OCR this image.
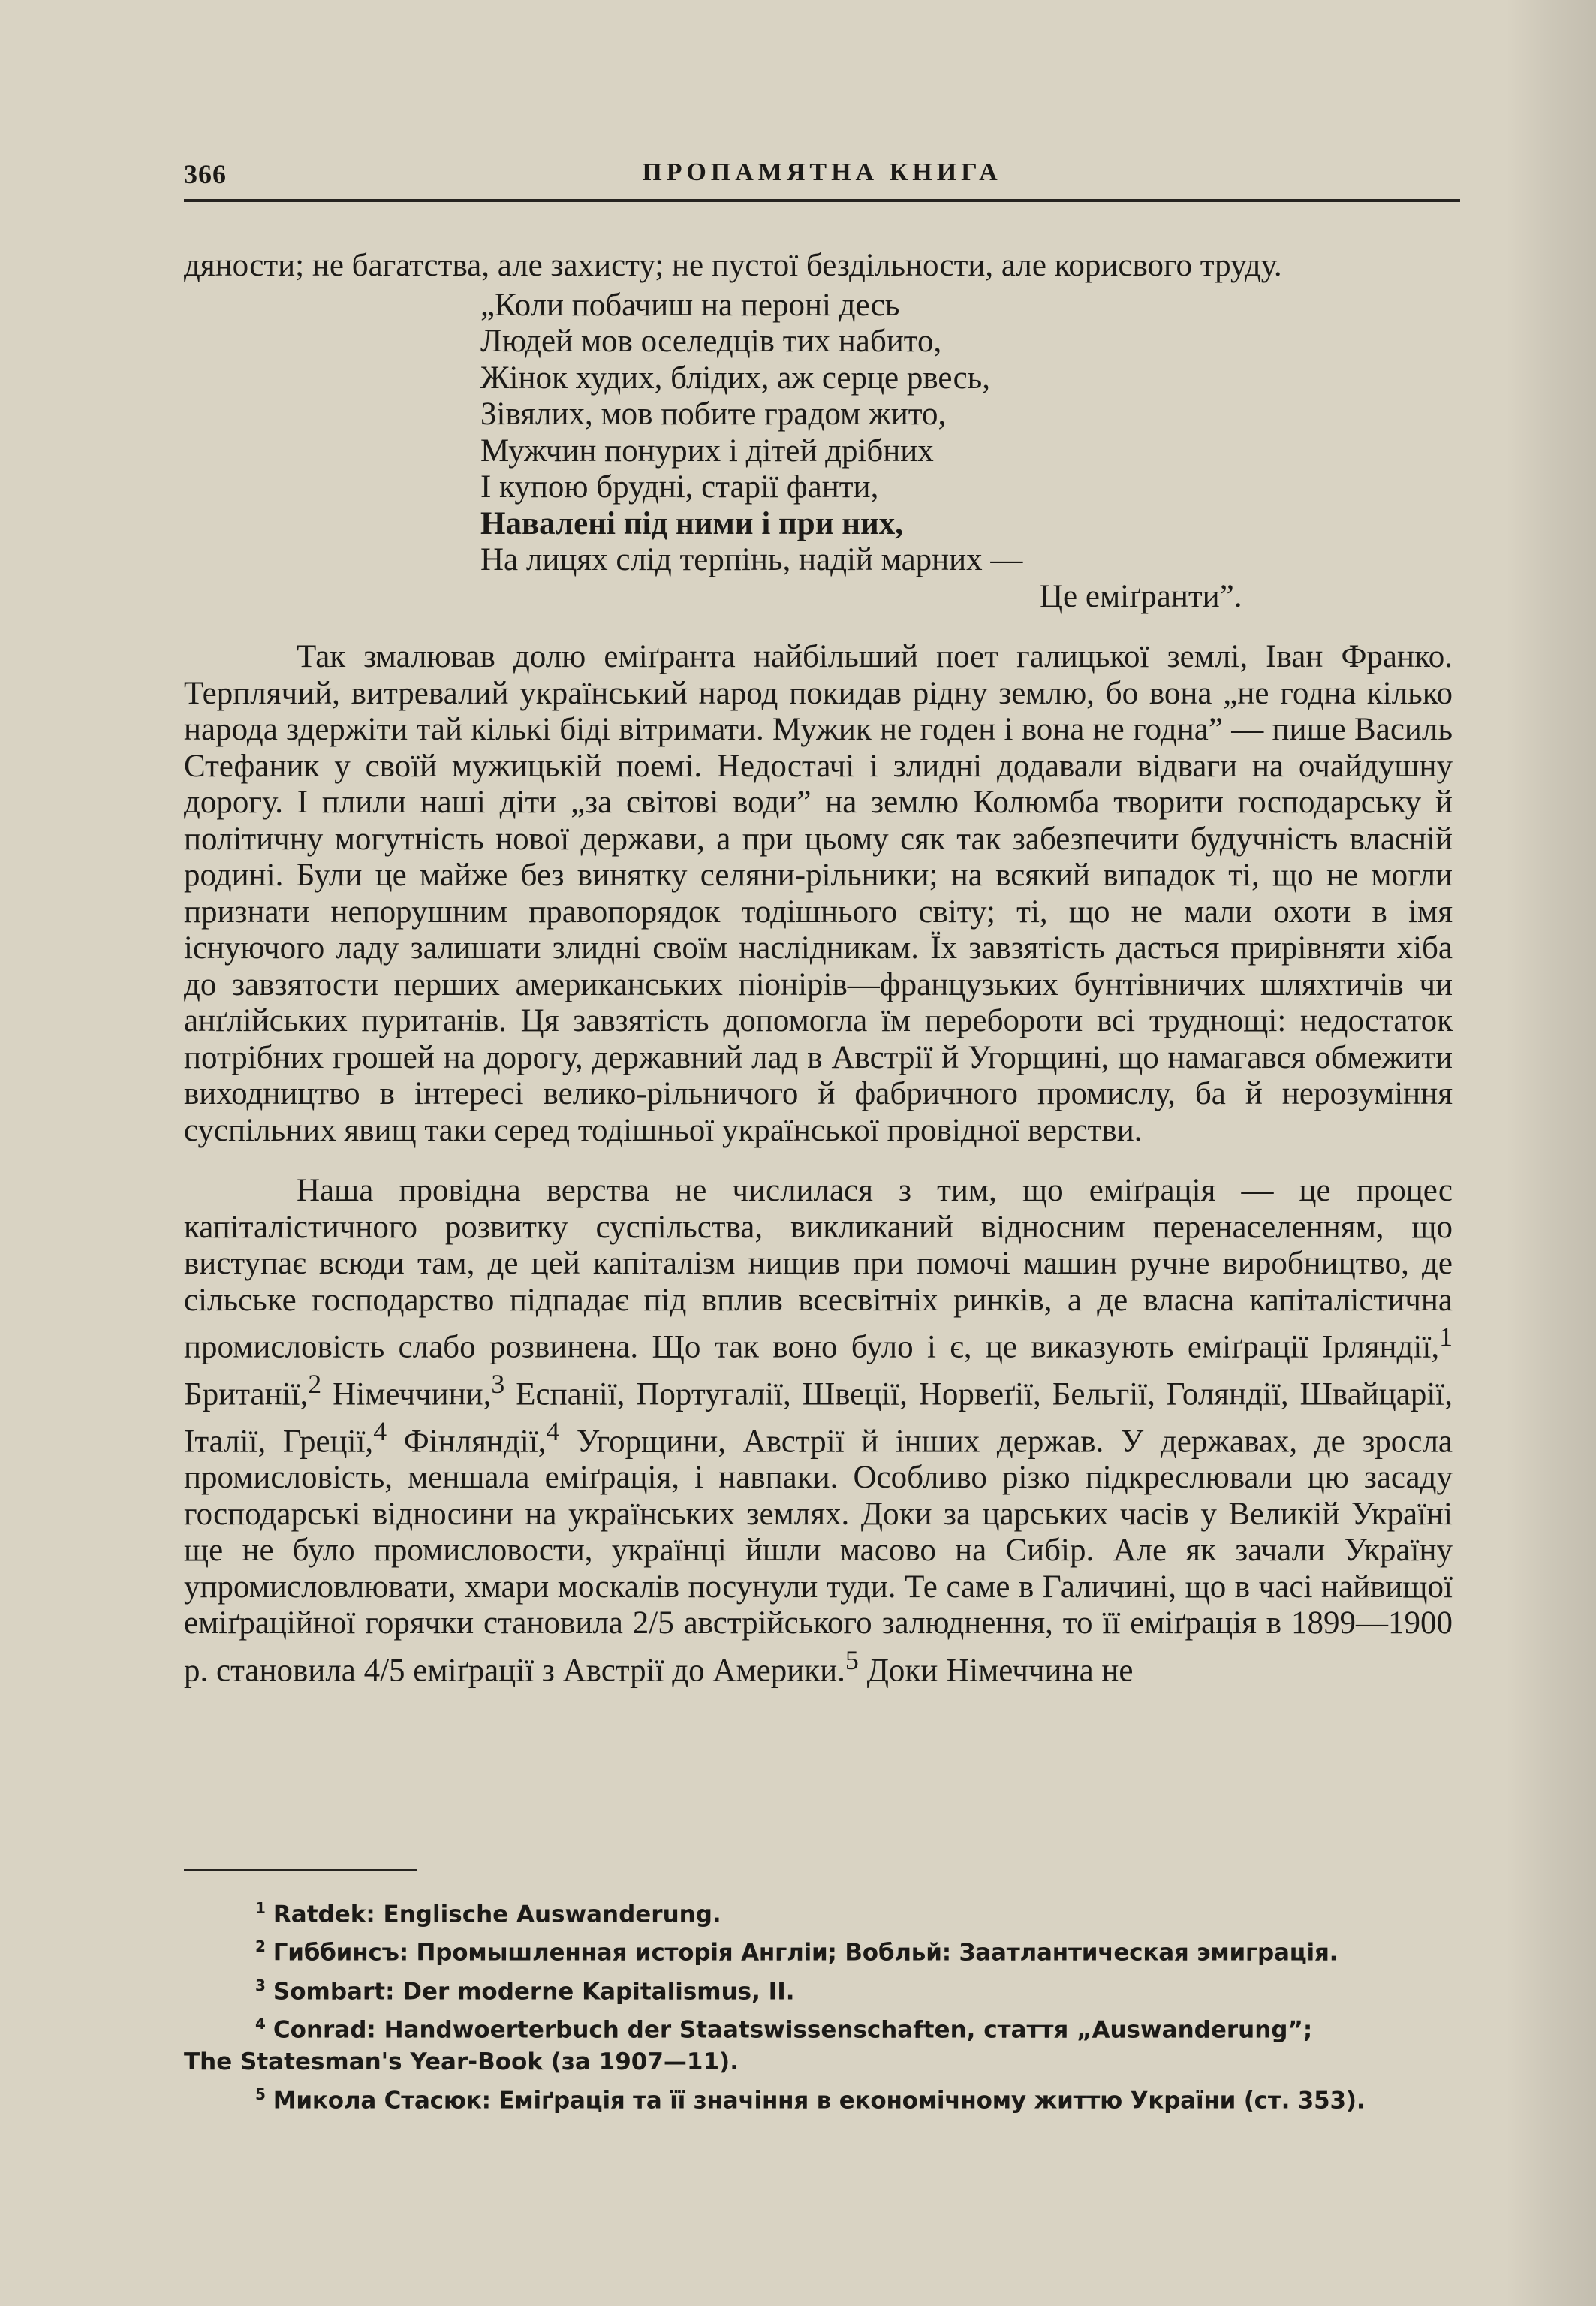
366	ПРОПАМЯТНА КНИГА

дяности; не багатства, але захисту; не пустої бездільности, але корисвого труду.

„Коли побачиш на пероні десь
Людей мов оселедців тих набито,
Жінок худих, блідих, аж серце рвесь,
Зівялих, мов побите градом жито,
Мужчин понурих і дітей дрібних
І купою брудні, старії фанти,
Навалені під ними і при них,
На лицях слід терпінь, надій марних —
Це еміґранти”.

Так змалював долю еміґранта найбільший поет галицької землі, Іван Франко. Терплячий, витревалий український народ покидав рідну землю, бо вона „не годна кілько народа здержіти тай кількі біді вітримати. Мужик не годен і вона не годна” — пише Василь Стефаник у своїй мужицькій поемі. Недостачі і злидні додавали відваги на очайдушну дорогу. І плили наші діти „за світові води” на землю Колюмба творити господарську й політичну могутність нової держави, а при цьому сяк так забезпечити будучність власній родині. Були це майже без винятку селяни-рільники; на всякий випадок ті, що не могли признати непорушним правопорядок тодішнього світу; ті, що не мали охоти в імя існуючого ладу залишати злидні своїм наслідникам. Їх завзятість дасться прирівняти хіба до завзятости перших американських піонірів—французьких бунтівничих шляхтичів чи анґлійських пуританів. Ця завзятість допомогла їм перебороти всі труднощі: недостаток потрібних грошей на дорогу, державний лад в Австрії й Угорщині, що намагався обмежити виходництво в інтересі велико-рільничого й фабричного промислу, ба й нерозуміння суспільних явищ таки серед тодішньої української провідної верстви.

Наша провідна верства не числилася з тим, що еміґрація — це процес капіталістичного розвитку суспільства, викликаний відносним перенаселенням, що виступає всюди там, де цей капіталізм нищив при помочі машин ручне виробництво, де сільське господарство підпадає під вплив всесвітніх ринків, а де власна капіталістична промисловість слабо розвинена. Що так воно було і є, це виказують еміґрації Ірляндії,$^1$ Британії,$^2$ Німеччини,$^3$ Еспанії, Португалії, Швеції, Норвеґії, Бельгії, Голяндії, Швайцарії, Італії, Греції,$^4$ Фінляндії,$^4$ Угорщини, Австрії й інших держав. У державах, де зросла промисловість, меншала еміґрація, і навпаки. Особливо різко підкреслювали цю засаду господарські відносини на українських землях. Доки за царських часів у Великій Україні ще не було промисловости, українці йшли масово на Сибір. Але як зачали Україну упромисловлювати, хмари москалів посунули туди. Те саме в Галичині, що в часі найвищої еміґраційної горячки становила 2/5 австрійського залюднення, то її еміґрація в 1899—1900 р. становила 4/5 еміґрації з Австрії до Америки.$^5$ Доки Німеччина не

$^1$ Ratdek: Englische Auswanderung.
$^2$ Гиббинсъ: Промышленная исторія Англіи; Вобльй: Заатлантическая эмиграція.
$^3$ Sombart: Der moderne Kapitalismus, II.
$^4$ Conrad: Handwoerterbuch der Staatswissenschaften, стаття „Auswanderung”;
The Statesman's Year-Book (за 1907—11).
$^5$ Микола Стасюк: Еміґрація та її значіння в економічному життю України (ст. 353).
